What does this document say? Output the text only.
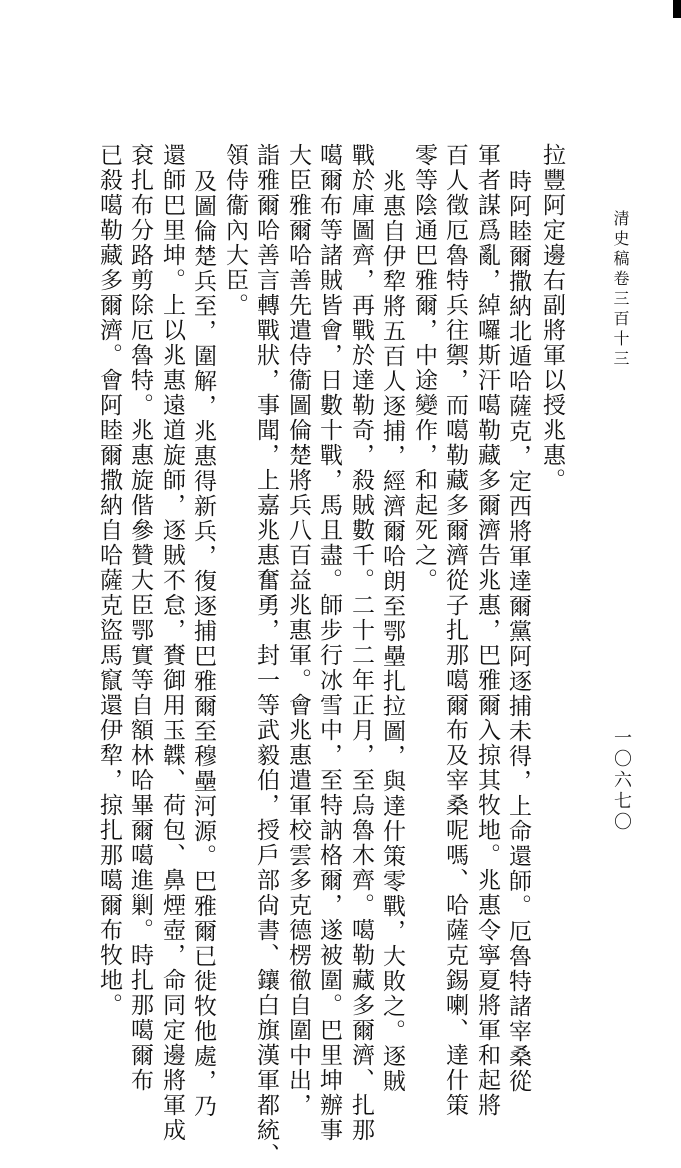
清史稿卷三百十三
一〇六七〇
拉豐阿定邊右副將軍以授兆惠。
時阿睦爾撒納北遁哈薩克，定西將軍達爾黨阿逐捕未得，上命還師。厄魯特諸宰桑從
軍者謀爲亂，綽囉斯汗噶勒藏多爾濟告兆惠，巴雅爾入掠其牧地。兆惠令寧夏將軍和起將
百人徵厄魯特兵往禦，而噶勒藏多爾濟從子扎那噶爾布及宰桑呢嗎、哈薩克錫喇、達什策
零等陰通巴雅爾，中途變作，和起死之。
兆惠自伊犂將五百人逐捕，經濟爾哈朗至鄂壘扎拉圖，與達什策零戰，大敗之。逐賊
戰於庫圖齊，再戰於達勒奇，殺賊數千。二十二年正月，至烏魯木齊。噶勒藏多爾濟、扎那
噶爾布等諸賊皆會，日數十戰，馬且盡。師步行冰雪中，至特訥格爾，遂被圍。巴里坤辦事
大臣雅爾哈善先遣侍衞圖倫楚將兵八百益兆惠軍。會兆惠遣軍校雲多克德楞徹自圍中出，
詣雅爾哈善言轉戰狀，事聞，上嘉兆惠奮勇，封一等武毅伯，授戶部尙書、鑲白旗漢軍都統、
領侍衞內大臣。
及圖倫楚兵至，圍解，兆惠得新兵，復逐捕巴雅爾至穆壘河源。巴雅爾已徙牧他處，乃
還師巴里坤。上以兆惠遠道旋師，逐賊不怠，賚御用玉韘、荷包、鼻煙壺，命同定邊將軍成
袞扎布分路剪除厄魯特。兆惠旋偕參贊大臣鄂實等自額林哈畢爾噶進剿。時扎那噶爾布
已殺噶勒藏多爾濟。會阿睦爾撒納自哈薩克盜馬竄還伊犂，掠扎那噶爾布牧地。
